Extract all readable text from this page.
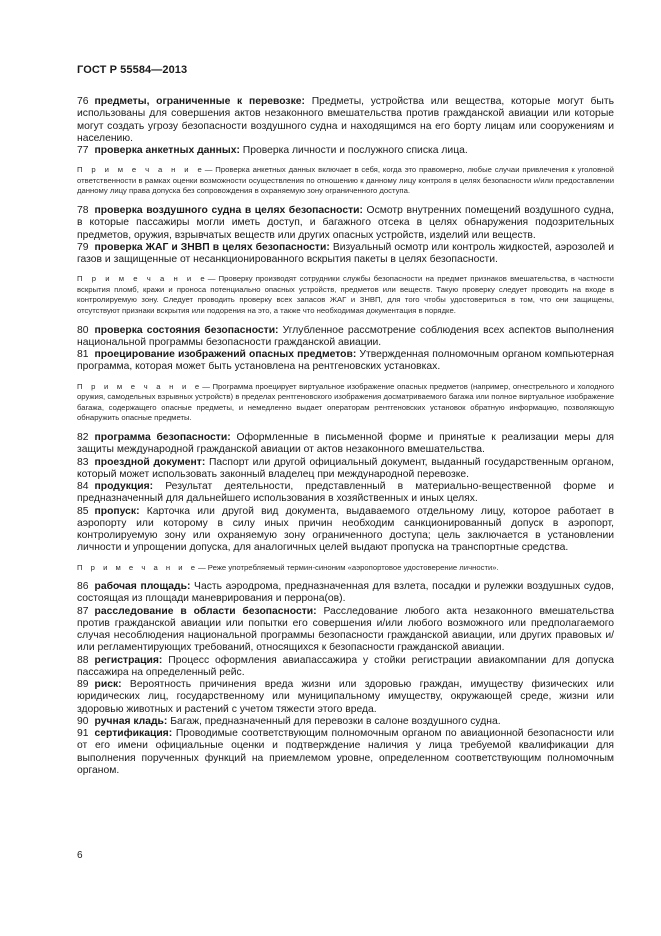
ГОСТ Р 55584—2013

76 предметы, ограниченные к перевозке: Предметы, устройства или вещества, которые могут быть использованы для совершения актов незаконного вмешательства против гражданской авиации или которые могут создать угрозу безопасности воздушного судна и находящимся на его борту лицам или сооружениям и населению.

77 проверка анкетных данных: Проверка личности и послужного списка лица.

П р и м е ч а н и е— Проверка анкетных данных включает в себя, когда это правомерно, любые случаи привлечения к уголовной ответственности в рамках оценки возможности осуществления по отношению к данному лицу контроля в целях безопасности и/или предоставлении данному лицу права допуска без сопровождения в охраняемую зону ограниченного доступа.

78 проверка воздушного судна в целях безопасности: Осмотр внутренних помещений воздушного судна, в которые пассажиры могли иметь доступ, и багажного отсека в целях обнаружения подозрительных предметов, оружия, взрывчатых веществ или других опасных устройств, изделий или веществ.

79 проверка ЖАГ и ЗНВП в целях безопасности: Визуальный осмотр или контроль жидкостей, аэрозолей и газов и защищенные от несанкционированного вскрытия пакеты в целях безопасности.

П р и м е ч а н и е— Проверку производят сотрудники службы безопасности на предмет признаков вмешательства, в частности вскрытия пломб, кражи и проноса потенциально опасных устройств, предметов или веществ. Такую проверку следует проводить на входе в контролируемую зону. Следует проводить проверку всех запасов ЖАГ и ЗНВП, для того чтобы удостовериться в том, что они защищены, отсутствуют признаки вскрытия или подорения на это, а также что необходимая документация в порядке.

80 проверка состояния безопасности: Углубленное рассмотрение соблюдения всех аспектов выполнения национальной программы безопасности гражданской авиации.

81 проецирование изображений опасных предметов: Утвержденная полномочным органом компьютерная программа, которая может быть установлена на рентгеновских установках.

П р и м е ч а н и е— Программа проецирует виртуальное изображение опасных предметов (например, огнестрельного и холодного оружия, самодельных взрывных устройств) в пределах рентгеновского изображения досматриваемого багажа или полное виртуальное изображение багажа, содержащего опасные предметы, и немедленно выдает операторам рентгеновских установок обратную информацию, позволяющую обнаружить опасные предметы.

82 программа безопасности: Оформленные в письменной форме и принятые к реализации меры для защиты международной гражданской авиации от актов незаконного вмешательства.

83 проездной документ: Паспорт или другой официальный документ, выданный государственным органом, который может использовать законный владелец при международной перевозке.

84 продукция: Результат деятельности, представленный в материально-вещественной форме и предназначенный для дальнейшего использования в хозяйственных и иных целях.

85 пропуск: Карточка или другой вид документа, выдаваемого отдельному лицу, которое работает в аэропорту или которому в силу иных причин необходим санкционированный допуск в аэропорт, контролируемую зону или охраняемую зону ограниченного доступа; цель заключается в установлении личности и упрощении допуска, для аналогичных целей выдают пропуска на транспортные средства.

П р и м е ч а н и е— Реже употребляемый термин-синоним «аэропортовое удостоверение личности».

86 рабочая площадь: Часть аэродрома, предназначенная для взлета, посадки и рулежки воздушных судов, состоящая из площади маневрирования и перрона(ов).

87 расследование в области безопасности: Расследование любого акта незаконного вмешательства против гражданской авиации или попытки его совершения и/или любого возможного или предполагаемого случая несоблюдения национальной программы безопасности гражданской авиации, или других правовых и/или регламентирующих требований, относящихся к безопасности гражданской авиации.

88 регистрация: Процесс оформления авиапассажира у стойки регистрации авиакомпании для допуска пассажира на определенный рейс.

89 риск: Вероятность причинения вреда жизни или здоровью граждан, имуществу физических или юридических лиц, государственному или муниципальному имуществу, окружающей среде, жизни или здоровью животных и растений с учетом тяжести этого вреда.

90 ручная кладь: Багаж, предназначенный для перевозки в салоне воздушного судна.

91 сертификация: Проводимые соответствующим полномочным органом по авиационной безопасности или от его имени официальные оценки и подтверждение наличия у лица требуемой квалификации для выполнения порученных функций на приемлемом уровне, определенном соответствующим полномочным органом.

6
